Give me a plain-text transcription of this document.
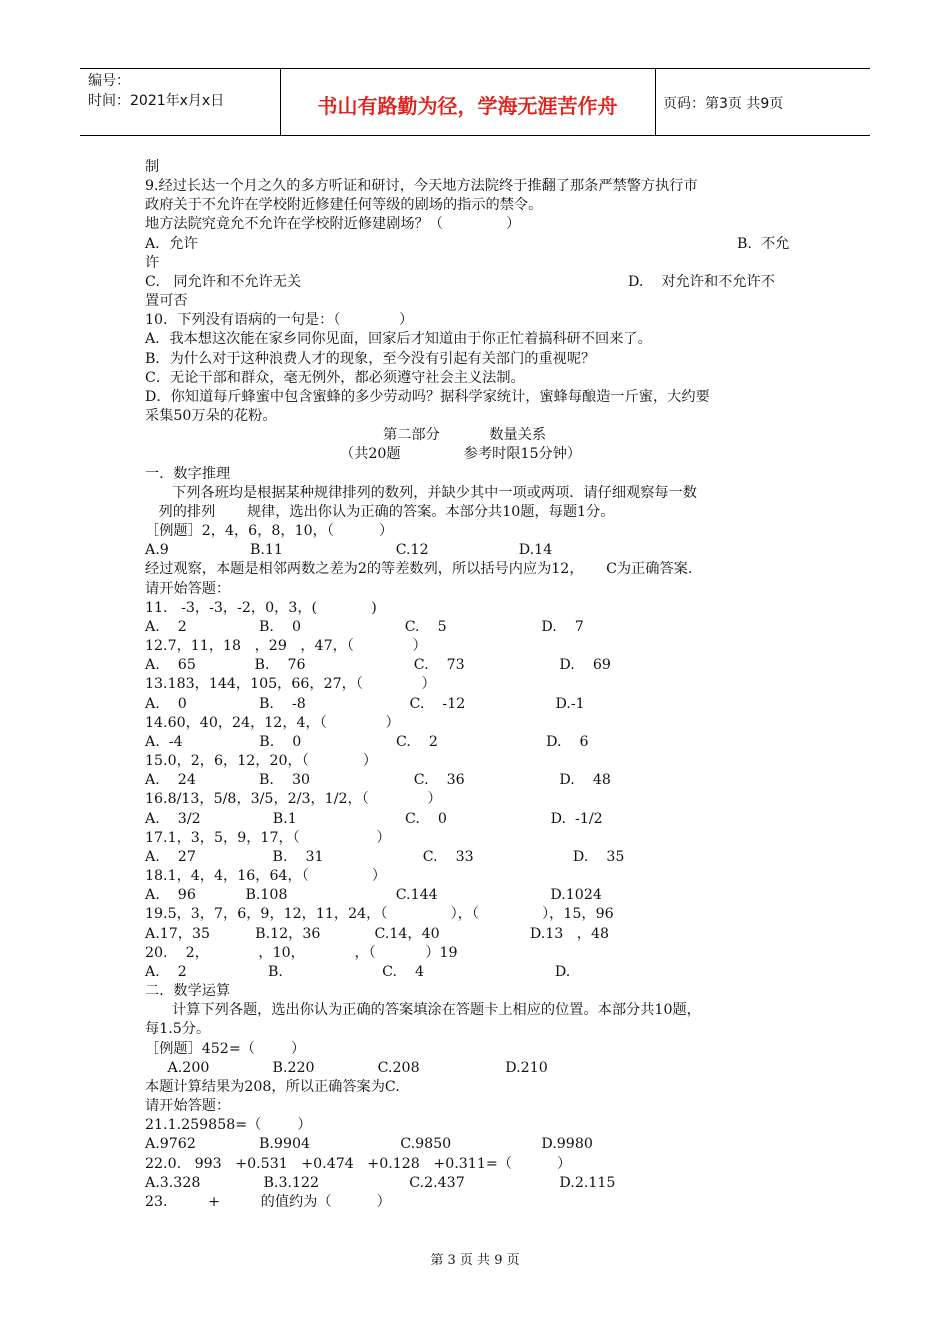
编号：
时间：2021年x月x日	书山有路勤为径，学海无涯苦作舟	页码：第3页 共9页
制
9.经过长达一个月之久的多方听证和研讨，今天地方法院终于推翻了那条严禁警方执行市
政府关于不允许在学校附近修建任何等级的剧场的指示的禁令。
地方法院究竟允不允许在学校附近修建剧场？（              ）
A．允许	B.  不允
许
C.   同允许和不允许无关	D.    对允许和不允许不
置可否
10．下列没有语病的一句是：（             ）
A．我本想这次能在家乡同你见面，回家后才知道由于你正忙着搞科研不回来了。
B．为什么对于这种浪费人才的现象，至今没有引起有关部门的重视呢？
C．无论干部和群众，毫无例外，都必须遵守社会主义法制。
D．你知道每斤蜂蜜中包含蜜蜂的多少劳动吗？据科学家统计，蜜蜂每酿造一斤蜜，大约要
采集50万朵的花粉。
第二部分           数量关系
（共20题              参考时限15分钟）
一．数字推理
下列各班均是根据某种规律排列的数列，并缺少其中一项或两项．请仔细观察每一数
列的排列       规律，选出你认为正确的答案。本部分共10题，每题1分。
［例题］2，4，6，8，10，（          ）
A.9                  B.11                         C.12                    D.14
经过观察，本题是相邻两数之差为2的等差数列，所以括号内应为12，     C为正确答案.
请开始答题：
11.   -3，-3，-2，0，3，(            )
A.    2                B.    0                       C.    5                     D.    7
12.7，11，18   ，29   ，47，（             ）
A.    65             B.    76                        C.    73                     D.    69
13.183，144，105，66，27，（             ）
A.    0                B.    -8                       C.    -12                    D.-1
14.60，40，24，12，4，（             ）
A.  -4                 B.    0                     C.    2                        D.    6
15.0，2，6，12，20，（            ）
A.    24              B.    30                       C.    36                     D.    48
16.8/13，5/8，3/5，2/3，1/2，（             ）
A.    3/2                B.1                        C.    0                       D.  -1/2
17.1，3，5，9，17，（                 ）
A.    27                 B.    31                      C.    33                      D.    35
18.1，4，4，16，64，（              ）
A.    96           B.108                        C.144                         D.1024
19.5，3，7，6，9，12，11，24，（              ），（              ），15，96
A.17，35          B.12，36            C.14，40                    D.13   ，48
20.    2，           ，10，           ，（           ）19
A.    2                  B.                      C.    4                             D.
二．数学运算
计算下列各题，选出你认为正确的答案填涂在答题卡上相应的位置。本部分共10题，
每1.5分。
［例题］452=（        ）
A.200              B.220              C.208                   D.210
本题计算结果为208，所以正确答案为C.
请开始答题：
21.1.259858=（        ）
A.9762              B.9904                    C.9850                    D.9980
22.0.   993   +0.531   +0.474   +0.128   +0.311=（          ）
A.3.328              B.3.122                    C.2.437                     D.2.115
23.         +         的值约为（          ）
第 3 页 共 9 页
